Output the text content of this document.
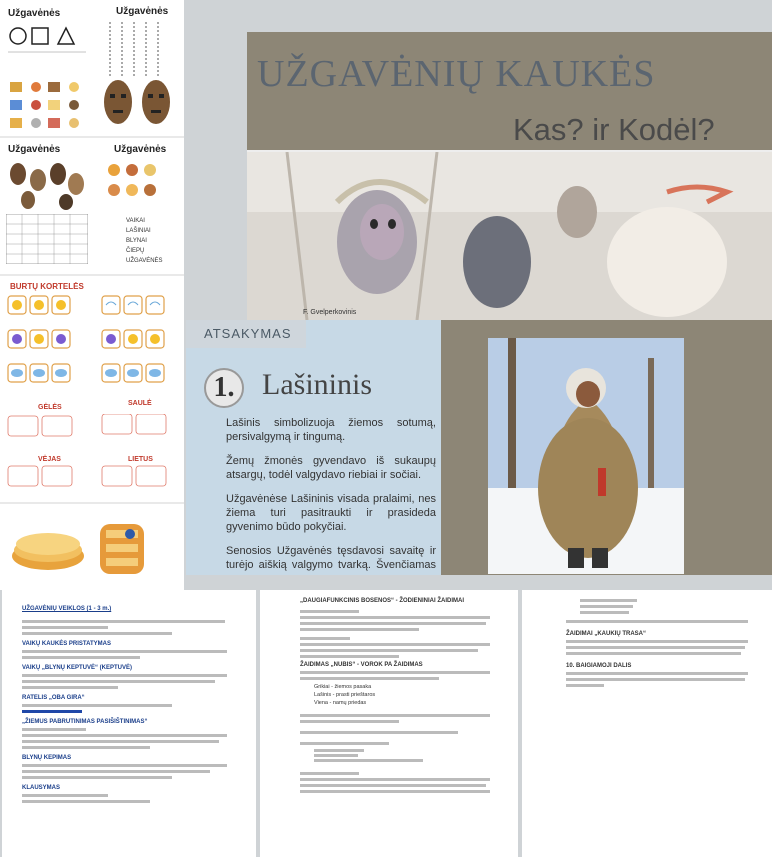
Užgavėnės	Užgavėnės
Užgavėnės	Užgavėnės
VAIKAI
LAŠINIAI
BLYNAI
ČIEPŲ
UŽGAVĖNĖS
BURTŲ KORTELĖS
GĖLĖS
SAULĖ
VĖJAS	LIETUS
UŽGAVĖNIŲ KAUKĖS
Kas? ir Kodėl?
F. Gvelperkovinis
ATSAKYMAS
1. Lašininis

Lašinis simbolizuoja žiemos sotumą, persivalgymą ir tingumą.

Žemų žmonės gyvendavo iš sukaupų atsargų, todėl valgydavo riebiai ir sočiai.

Užgavėnėse Lašininis visada pralaimi, nes žiema turi pasitraukti ir prasideda gyvenimo būdo pokyčiai.

Senosios Užgavėnės tęsdavosi savaitę ir turėjo aiškią valgymo tvarką. Švenčiamas

UŽGAVĖNIŲ VEIKLOS (1 - 3 m.)
VAIKŲ KAUKĖS PRISTATYMAS
VAIKŲ „BLYNŲ KEPTUVĖ“ (KEPTUVĖ)
RATELIS „OBA GIRA“
„ŽIEMUS PABRUTINIMAS PASIŠIŠTINIMAS“
BLYNŲ KEPIMAS
KLAUSYMAS
„DAUGIAFUNKCINIS BOSENOS“ - ŽODIENINIAI ŽAIDIMAI
ŽAIDIMAS „NUBIS“ - VOROK PA ŽAIDIMAS
Grikiai - žiemos pasaka
Lašinis - prasti prieštaros
Viena - namų priedas
ŽAIDIMAI „KAUKIŲ TRASA“
10. BAIGIAMOJI DALIS
